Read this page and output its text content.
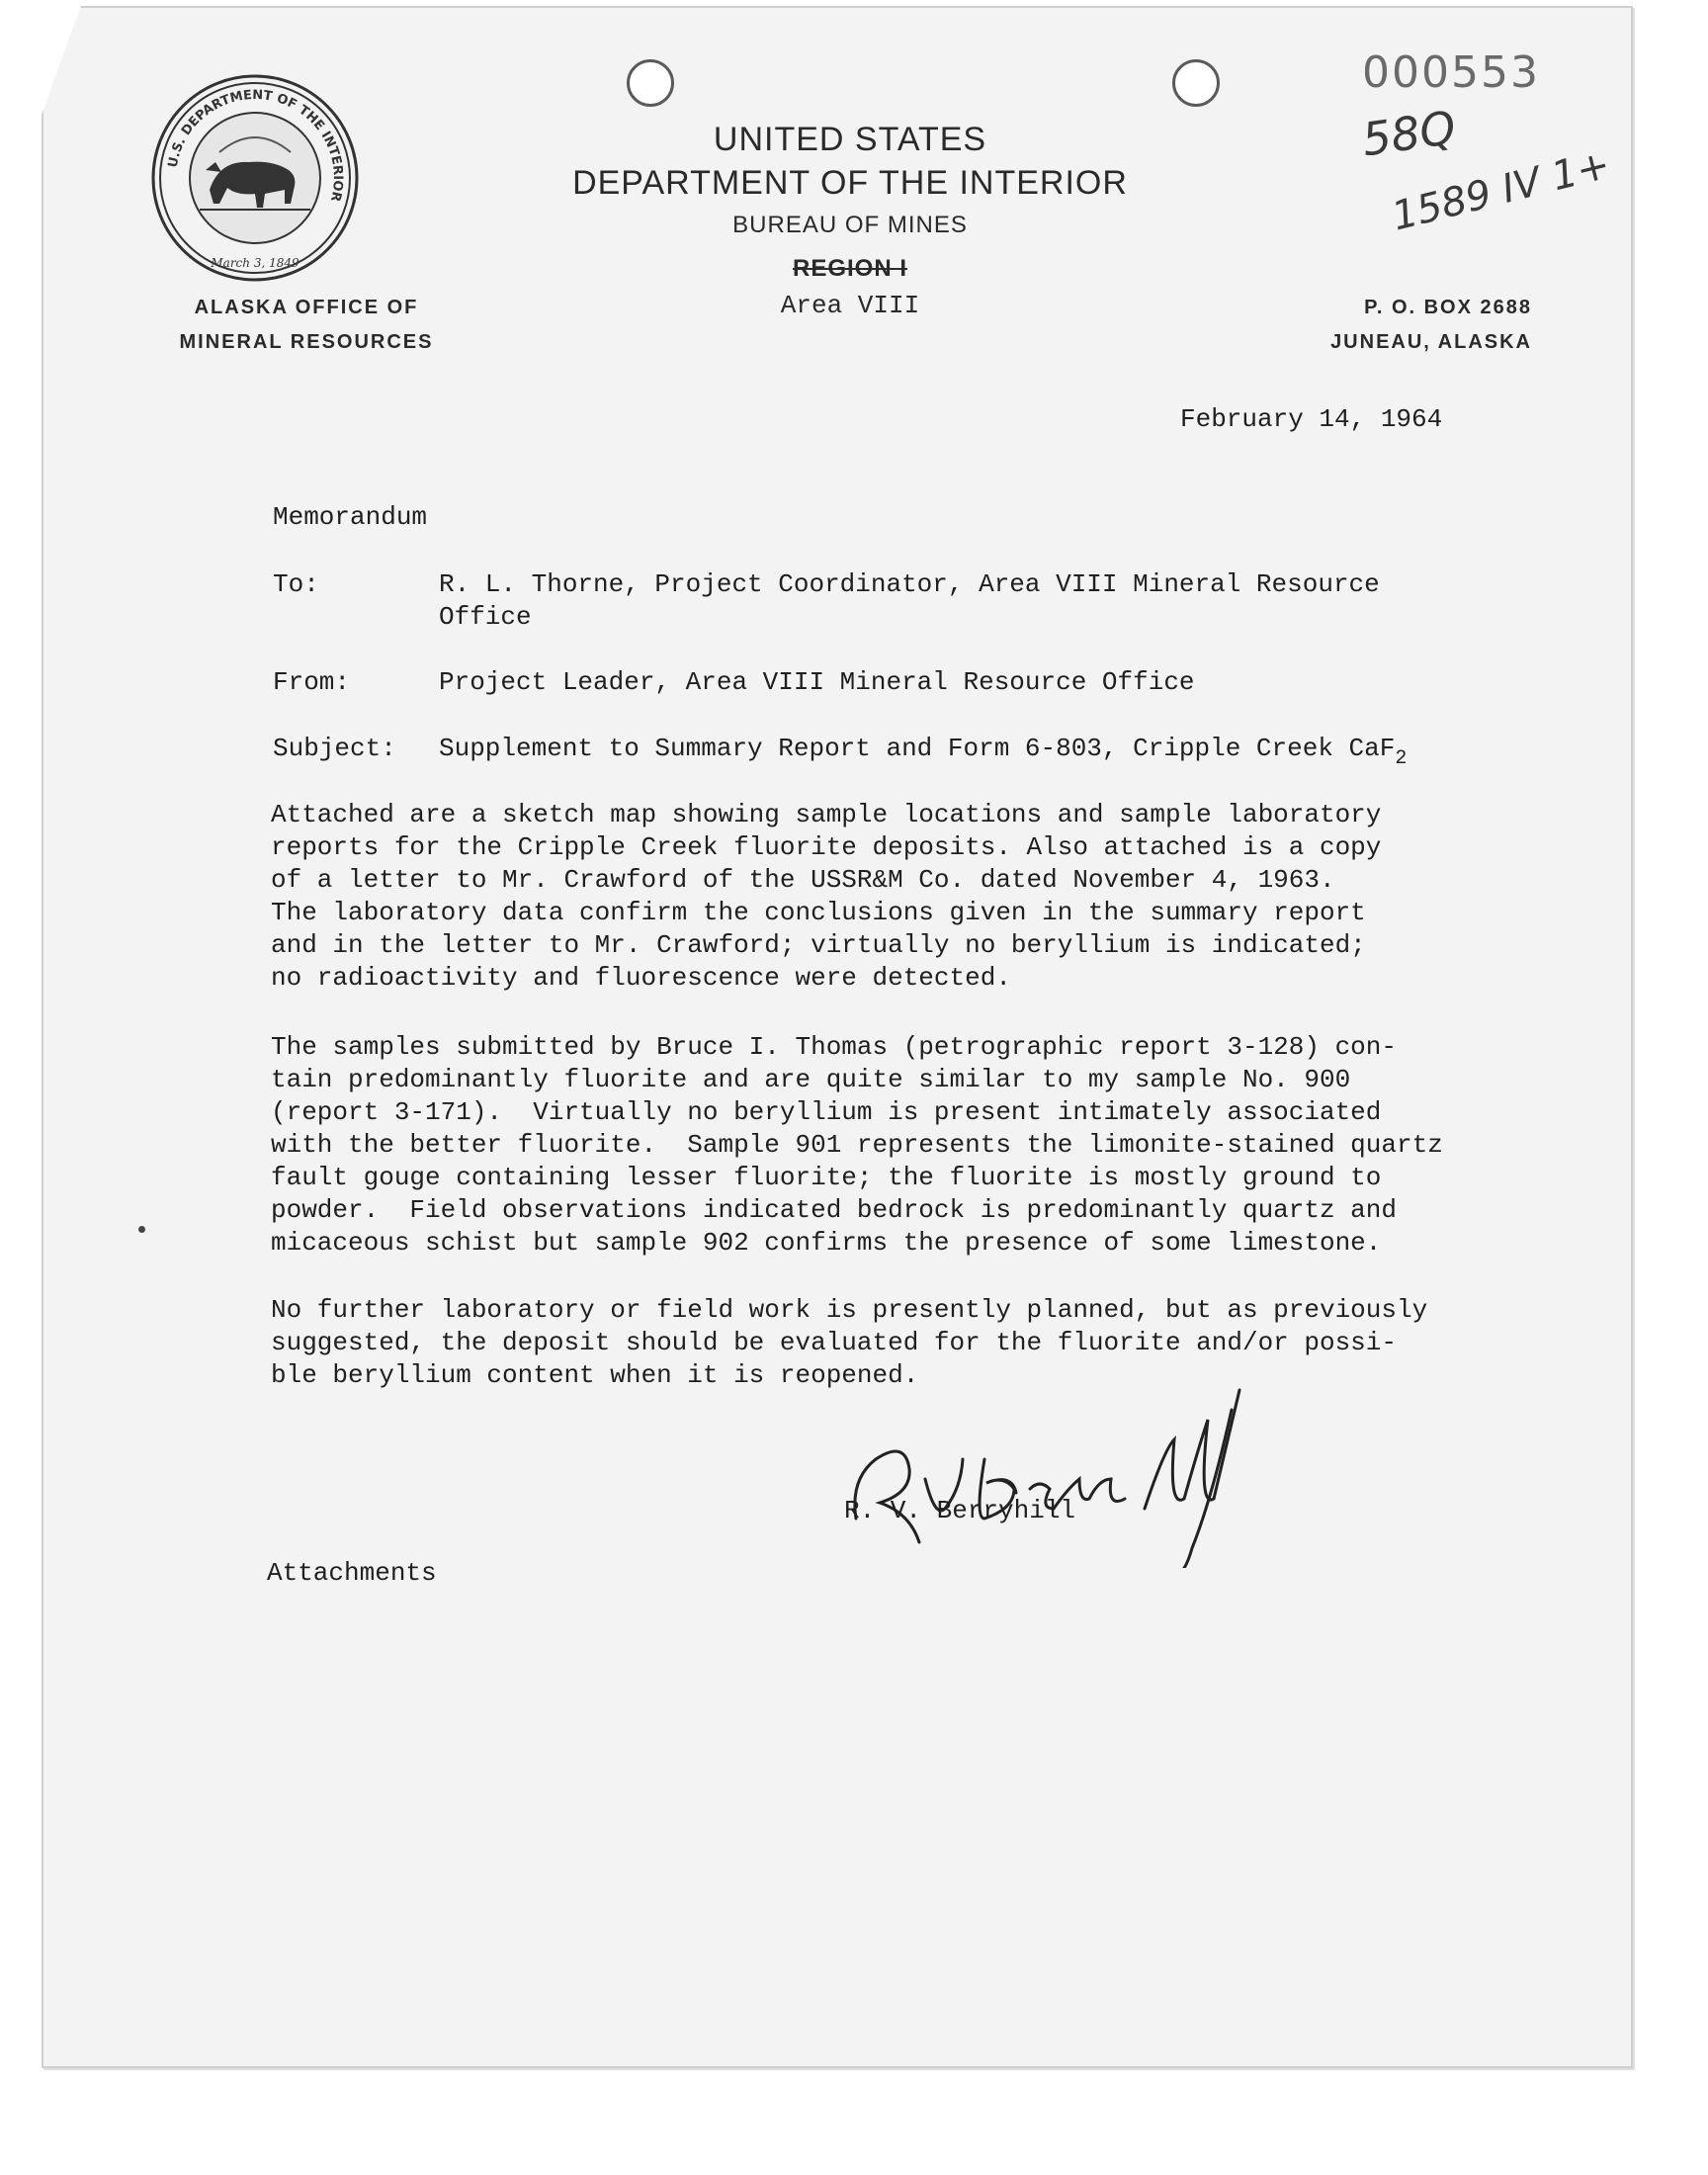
U.S. DEPARTMENT OF THE INTERIOR
March 3, 1849
UNITED STATES
DEPARTMENT OF THE INTERIOR
BUREAU OF MINES
REGION I
Area VIII
ALASKA OFFICE OF
MINERAL RESOURCES
P. O. BOX 2688
JUNEAU, ALASKA
000553
58Q
1589 IV 1+
February 14, 1964
Memorandum
To:	R. L. Thorne, Project Coordinator, Area VIII Mineral Resource
Office
From:	Project Leader, Area VIII Mineral Resource Office
Subject: Supplement to Summary Report and Form 6-803, Cripple Creek CaF$_2$
Attached are a sketch map showing sample locations and sample laboratory
reports for the Cripple Creek fluorite deposits. Also attached is a copy
of a letter to Mr. Crawford of the USSR&M Co. dated November 4, 1963.
The laboratory data confirm the conclusions given in the summary report
and in the letter to Mr. Crawford; virtually no beryllium is indicated;
no radioactivity and fluorescence were detected.
The samples submitted by Bruce I. Thomas (petrographic report 3-128) con-
tain predominantly fluorite and are quite similar to my sample No. 900
(report 3-171).  Virtually no beryllium is present intimately associated
with the better fluorite.  Sample 901 represents the limonite-stained quartz
fault gouge containing lesser fluorite; the fluorite is mostly ground to
powder.  Field observations indicated bedrock is predominantly quartz and
micaceous schist but sample 902 confirms the presence of some limestone.
No further laboratory or field work is presently planned, but as previously
suggested, the deposit should be evaluated for the fluorite and/or possi-
ble beryllium content when it is reopened.
R. V. Berryhill
Attachments
